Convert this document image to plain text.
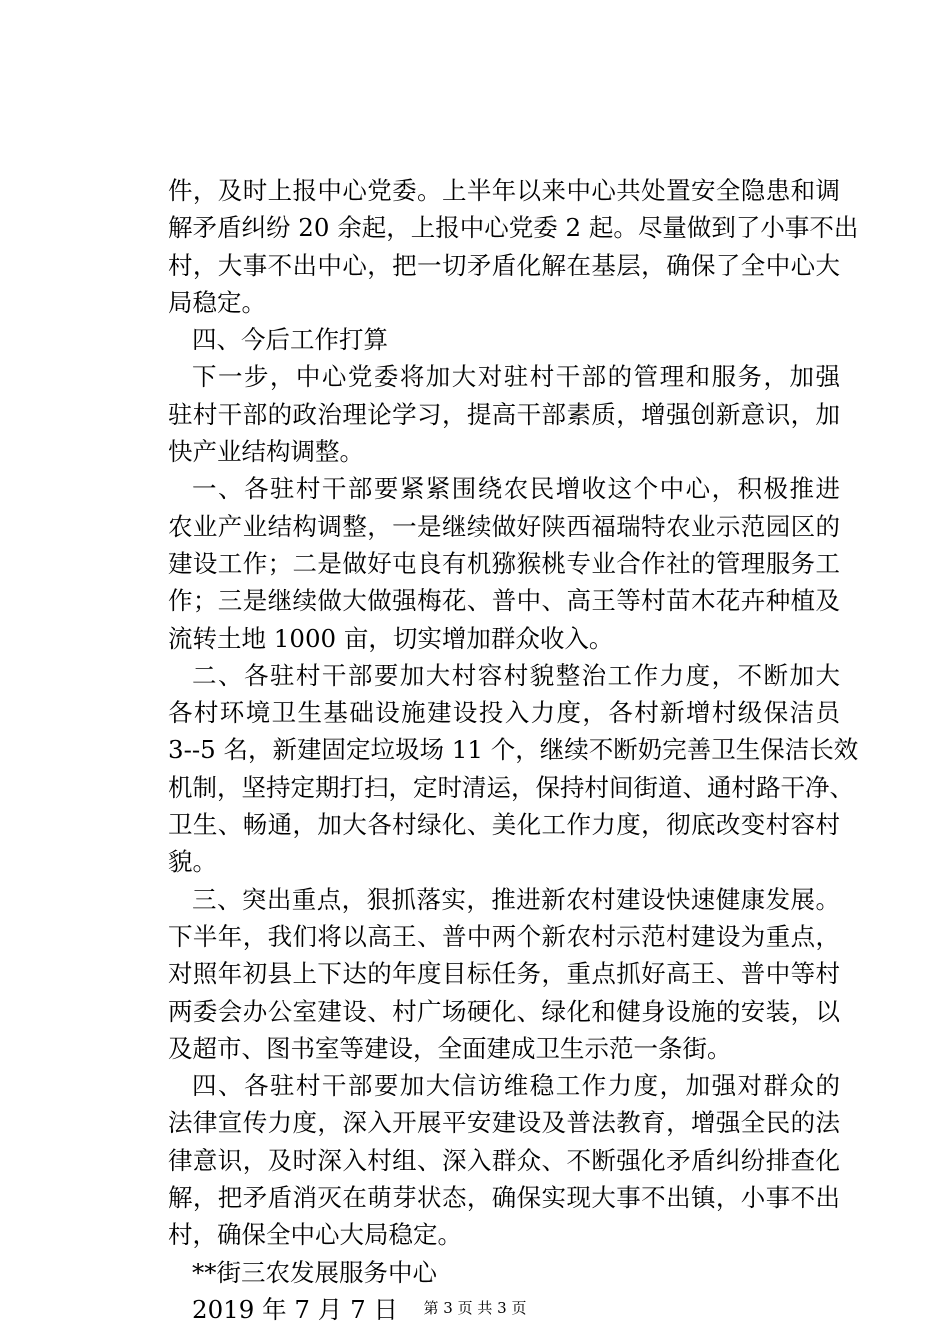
件，及时上报中心党委。上半年以来中心共处置安全隐患和调
解矛盾纠纷 20 余起，上报中心党委 2 起。尽量做到了小事不出
村，大事不出中心，把一切矛盾化解在基层，确保了全中心大
局稳定。
四、今后工作打算
下一步，中心党委将加大对驻村干部的管理和服务，加强
驻村干部的政治理论学习，提高干部素质，增强创新意识，加
快产业结构调整。
一、各驻村干部要紧紧围绕农民增收这个中心，积极推进
农业产业结构调整，一是继续做好陕西福瑞特农业示范园区的
建设工作；二是做好屯良有机猕猴桃专业合作社的管理服务工
作；三是继续做大做强梅花、普中、高王等村苗木花卉种植及
流转土地 1000 亩，切实增加群众收入。
二、各驻村干部要加大村容村貌整治工作力度，不断加大
各村环境卫生基础设施建设投入力度，各村新增村级保洁员
3--5 名，新建固定垃圾场 11 个，继续不断奶完善卫生保洁长效
机制，坚持定期打扫，定时清运，保持村间街道、通村路干净、
卫生、畅通，加大各村绿化、美化工作力度，彻底改变村容村
貌。
三、突出重点，狠抓落实，推进新农村建设快速健康发展。
下半年，我们将以高王、普中两个新农村示范村建设为重点，
对照年初县上下达的年度目标任务，重点抓好高王、普中等村
两委会办公室建设、村广场硬化、绿化和健身设施的安装，以
及超市、图书室等建设，全面建成卫生示范一条街。
四、各驻村干部要加大信访维稳工作力度，加强对群众的
法律宣传力度，深入开展平安建设及普法教育，增强全民的法
律意识，及时深入村组、深入群众、不断强化矛盾纠纷排查化
解，把矛盾消灭在萌芽状态，确保实现大事不出镇，小事不出
村，确保全中心大局稳定。
**街三农发展服务中心
2019 年 7 月 7 日	第 3 页 共 3 页
